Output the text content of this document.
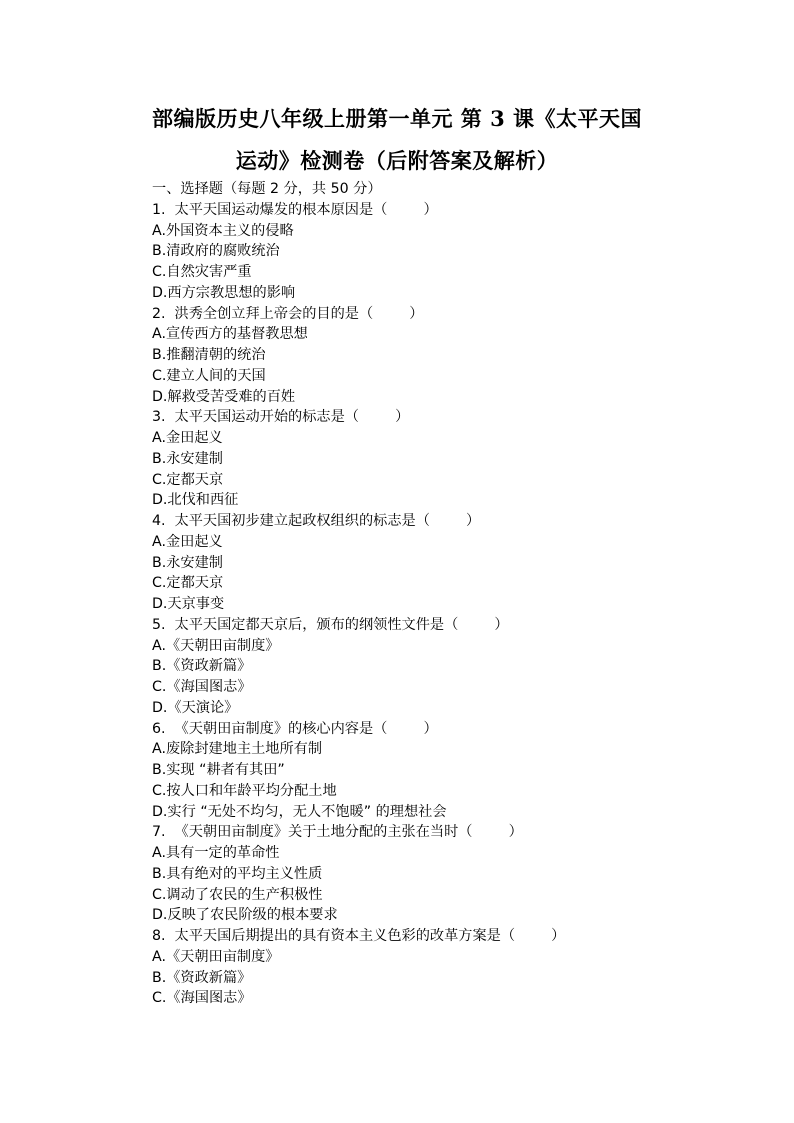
部编版历史八年级上册第一单元 第 3 课《太平天国
运动》检测卷（后附答案及解析）
一、选择题（每题 2 分，共 50 分）
1.  太平天国运动爆发的根本原因是（        ）
A.外国资本主义的侵略
B.清政府的腐败统治
C.自然灾害严重
D.西方宗教思想的影响
2.  洪秀全创立拜上帝会的目的是（        ）
A.宣传西方的基督教思想
B.推翻清朝的统治
C.建立人间的天国
D.解救受苦受难的百姓
3.  太平天国运动开始的标志是（        ）
A.金田起义
B.永安建制
C.定都天京
D.北伐和西征
4.  太平天国初步建立起政权组织的标志是（        ）
A.金田起义
B.永安建制
C.定都天京
D.天京事变
5.  太平天国定都天京后，颁布的纲领性文件是（        ）
A.《天朝田亩制度》
B.《资政新篇》
C.《海国图志》
D.《天演论》
6.  《天朝田亩制度》的核心内容是（        ）
A.废除封建地主土地所有制
B.实现 “耕者有其田”
C.按人口和年龄平均分配土地
D.实行 “无处不均匀，无人不饱暖” 的理想社会
7.  《天朝田亩制度》关于土地分配的主张在当时（        ）
A.具有一定的革命性
B.具有绝对的平均主义性质
C.调动了农民的生产积极性
D.反映了农民阶级的根本要求
8.  太平天国后期提出的具有资本主义色彩的改革方案是（        ）
A.《天朝田亩制度》
B.《资政新篇》
C.《海国图志》
